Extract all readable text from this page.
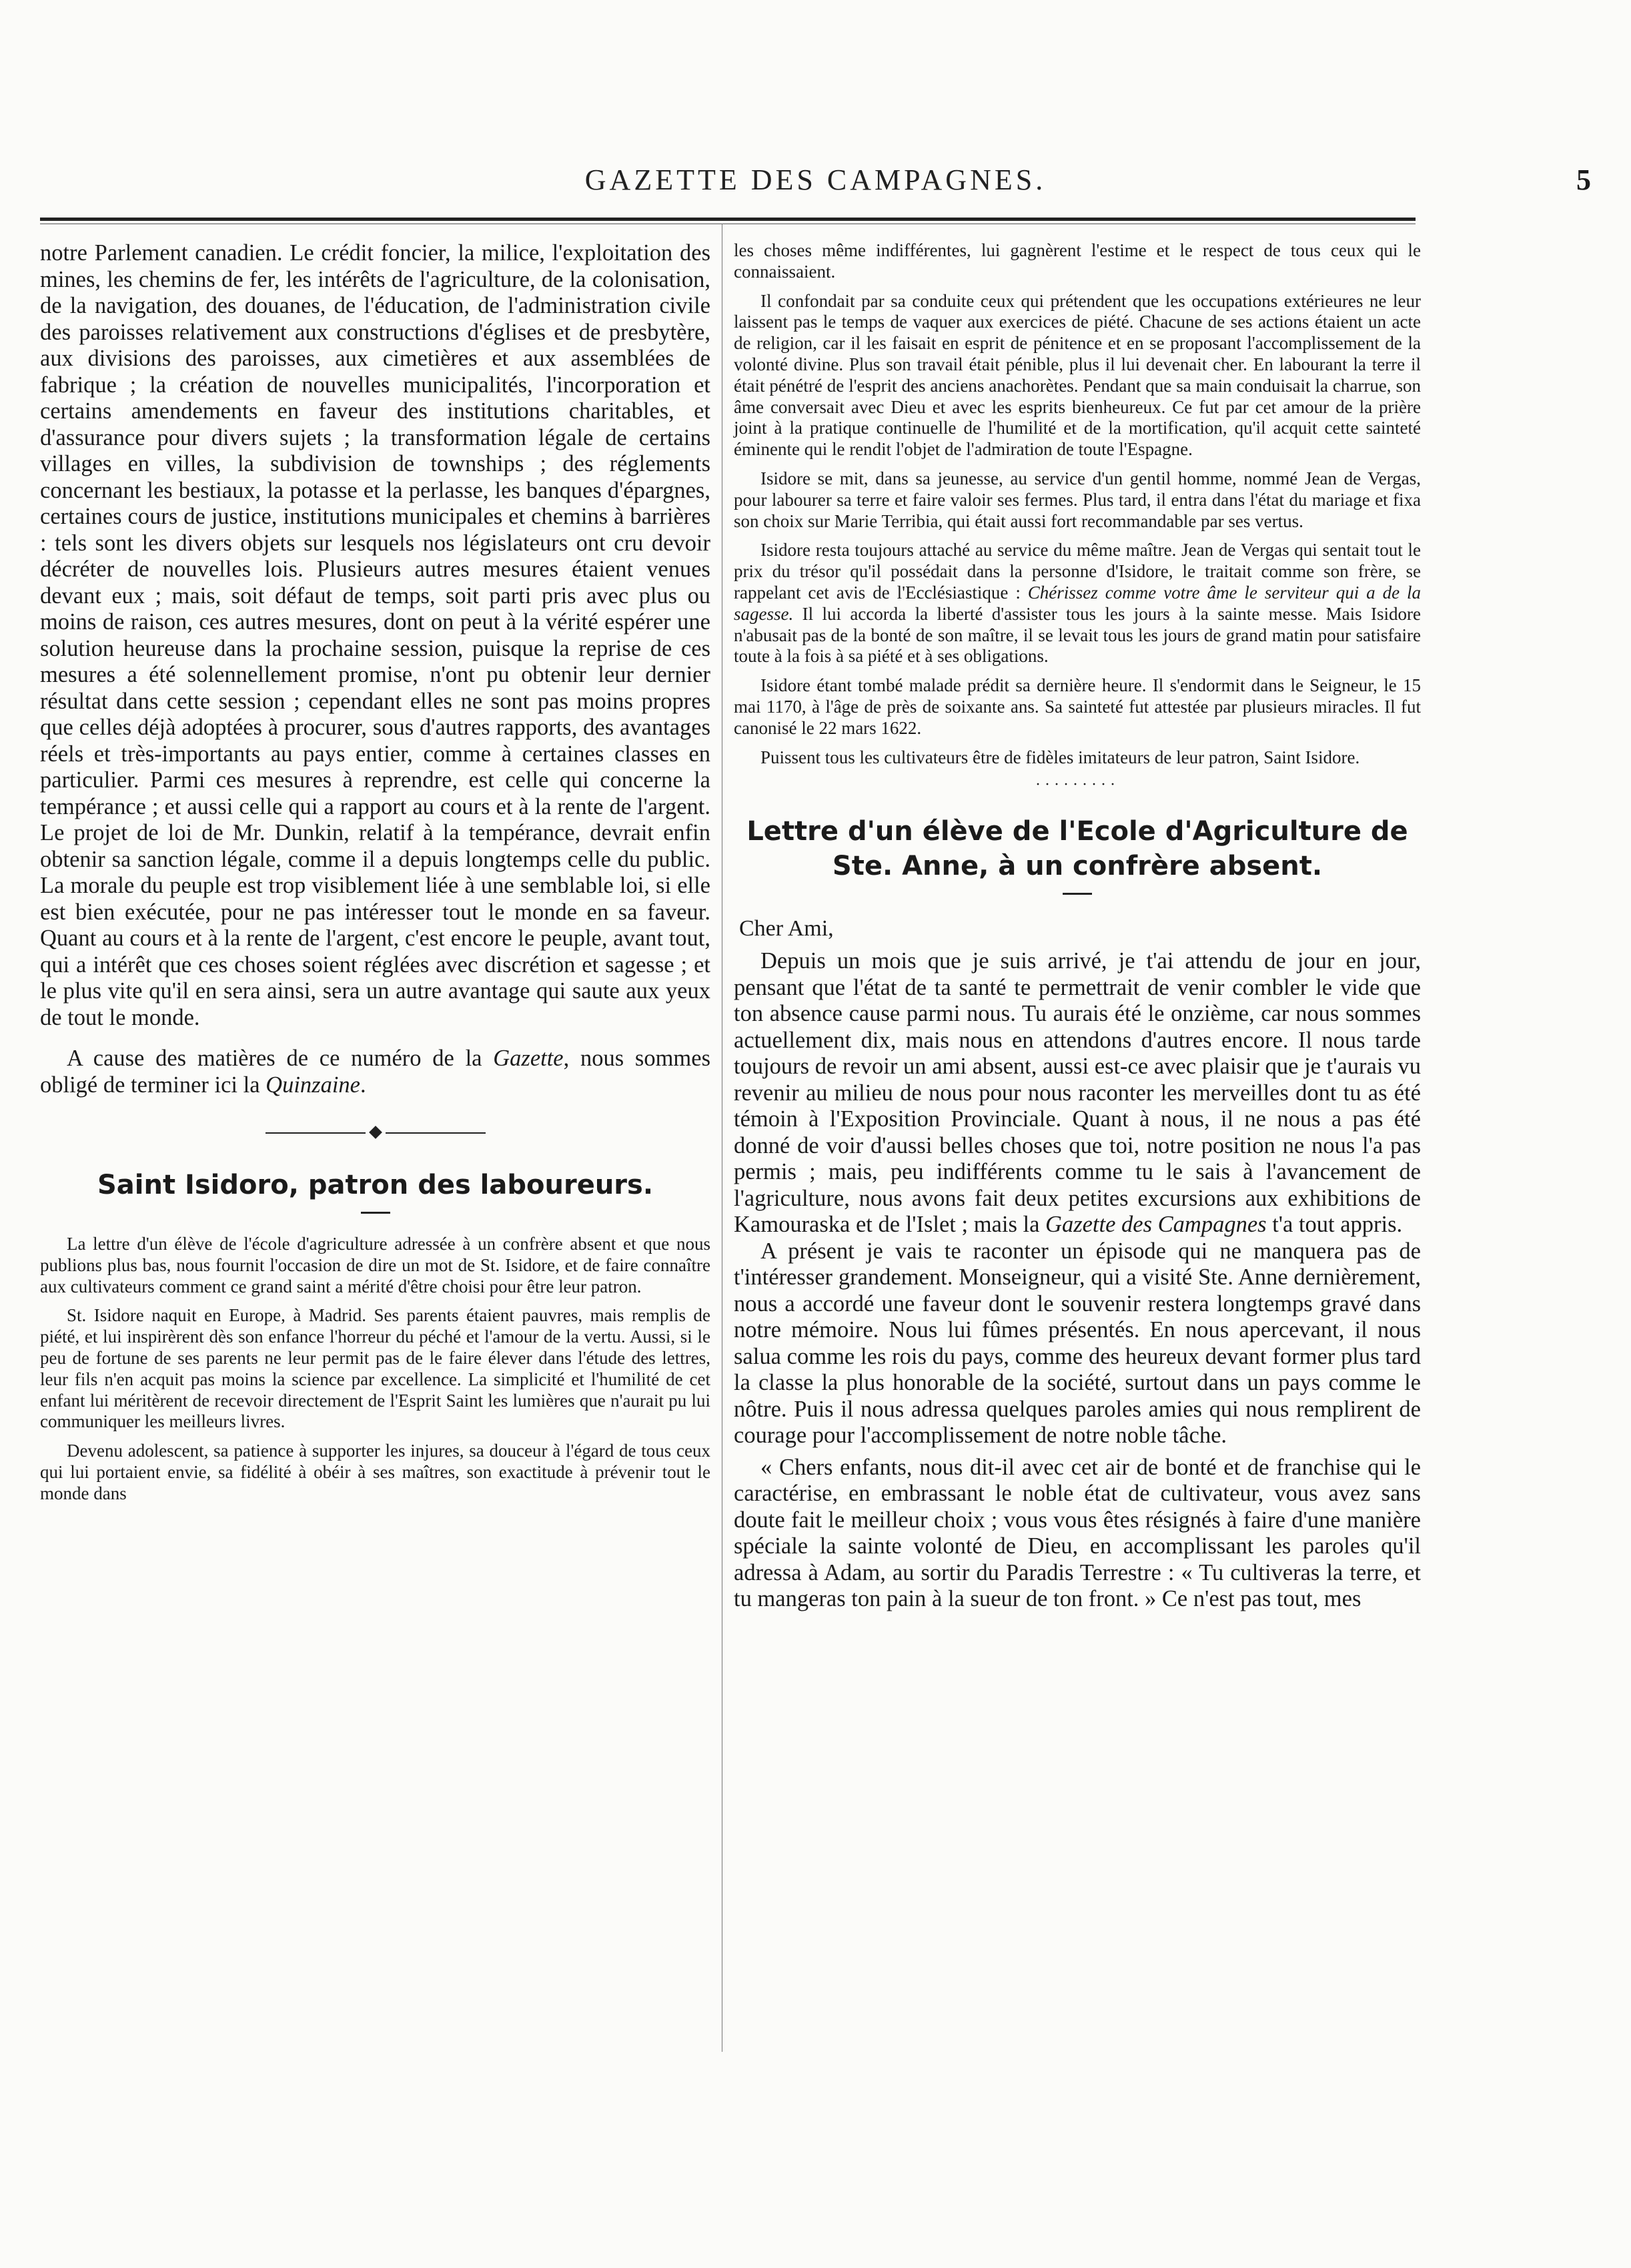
GAZETTE DES CAMPAGNES.	5

notre Parlement canadien. Le crédit foncier, la milice, l'exploitation des mines, les chemins de fer, les intérêts de l'agriculture, de la colonisation, de la navigation, des douanes, de l'éducation, de l'administration civile des paroisses relativement aux constructions d'églises et de presbytère, aux divisions des paroisses, aux cimetières et aux assemblées de fabrique ; la création de nouvelles municipalités, l'incorporation et certains amendements en faveur des institutions charitables, et d'assurance pour divers sujets ; la transformation légale de certains villages en villes, la subdivision de townships ; des réglements concernant les bestiaux, la potasse et la perlasse, les banques d'épargnes, certaines cours de justice, institutions municipales et chemins à barrières : tels sont les divers objets sur lesquels nos législateurs ont cru devoir décréter de nouvelles lois. Plusieurs autres mesures étaient venues devant eux ; mais, soit défaut de temps, soit parti pris avec plus ou moins de raison, ces autres mesures, dont on peut à la vérité espérer une solution heureuse dans la prochaine session, puisque la reprise de ces mesures a été solennellement promise, n'ont pu obtenir leur dernier résultat dans cette session ; cependant elles ne sont pas moins propres que celles déjà adoptées à procurer, sous d'autres rapports, des avantages réels et très-importants au pays entier, comme à certaines classes en particulier. Parmi ces mesures à reprendre, est celle qui concerne la tempérance ; et aussi celle qui a rapport au cours et à la rente de l'argent. Le projet de loi de Mr. Dunkin, relatif à la tempérance, devrait enfin obtenir sa sanction légale, comme il a depuis longtemps celle du public. La morale du peuple est trop visiblement liée à une semblable loi, si elle est bien exécutée, pour ne pas intéresser tout le monde en sa faveur. Quant au cours et à la rente de l'argent, c'est encore le peuple, avant tout, qui a intérêt que ces choses soient réglées avec discrétion et sagesse ; et le plus vite qu'il en sera ainsi, sera un autre avantage qui saute aux yeux de tout le monde.

A cause des matières de ce numéro de la Gazette, nous sommes obligé de terminer ici la Quinzaine.

Saint Isidoro, patron des laboureurs.

La lettre d'un élève de l'école d'agriculture adressée à un confrère absent et que nous publions plus bas, nous fournit l'occasion de dire un mot de St. Isidore, et de faire connaître aux cultivateurs comment ce grand saint a mérité d'être choisi pour être leur patron.

St. Isidore naquit en Europe, à Madrid. Ses parents étaient pauvres, mais remplis de piété, et lui inspirèrent dès son enfance l'horreur du péché et l'amour de la vertu. Aussi, si le peu de fortune de ses parents ne leur permit pas de le faire élever dans l'étude des lettres, leur fils n'en acquit pas moins la science par excellence. La simplicité et l'humilité de cet enfant lui méritèrent de recevoir directement de l'Esprit Saint les lumières que n'aurait pu lui communiquer les meilleurs livres.

Devenu adolescent, sa patience à supporter les injures, sa douceur à l'égard de tous ceux qui lui portaient envie, sa fidélité à obéir à ses maîtres, son exactitude à prévenir tout le monde dans

les choses même indifférentes, lui gagnèrent l'estime et le respect de tous ceux qui le connaissaient.

Il confondait par sa conduite ceux qui prétendent que les occupations extérieures ne leur laissent pas le temps de vaquer aux exercices de piété. Chacune de ses actions étaient un acte de religion, car il les faisait en esprit de pénitence et en se proposant l'accomplissement de la volonté divine. Plus son travail était pénible, plus il lui devenait cher. En labourant la terre il était pénétré de l'esprit des anciens anachorètes. Pendant que sa main conduisait la charrue, son âme conversait avec Dieu et avec les esprits bienheureux. Ce fut par cet amour de la prière joint à la pratique continuelle de l'humilité et de la mortification, qu'il acquit cette sainteté éminente qui le rendit l'objet de l'admiration de toute l'Espagne.

Isidore se mit, dans sa jeunesse, au service d'un gentil homme, nommé Jean de Vergas, pour labourer sa terre et faire valoir ses fermes. Plus tard, il entra dans l'état du mariage et fixa son choix sur Marie Terribia, qui était aussi fort recommandable par ses vertus.

Isidore resta toujours attaché au service du même maître. Jean de Vergas qui sentait tout le prix du trésor qu'il possédait dans la personne d'Isidore, le traitait comme son frère, se rappelant cet avis de l'Ecclésiastique : Chérissez comme votre âme le serviteur qui a de la sagesse. Il lui accorda la liberté d'assister tous les jours à la sainte messe. Mais Isidore n'abusait pas de la bonté de son maître, il se levait tous les jours de grand matin pour satisfaire toute à la fois à sa piété et à ses obligations.

Isidore étant tombé malade prédit sa dernière heure. Il s'endormit dans le Seigneur, le 15 mai 1170, à l'âge de près de soixante ans. Sa sainteté fut attestée par plusieurs miracles. Il fut canonisé le 22 mars 1622.

Puissent tous les cultivateurs être de fidèles imitateurs de leur patron, Saint Isidore.

·········
Lettre d'un élève de l'Ecole d'Agriculture de
Ste. Anne, à un confrère absent.
Cher Ami,

Depuis un mois que je suis arrivé, je t'ai attendu de jour en jour, pensant que l'état de ta santé te permettrait de venir combler le vide que ton absence cause parmi nous. Tu aurais été le onzième, car nous sommes actuellement dix, mais nous en attendons d'autres encore. Il nous tarde toujours de revoir un ami absent, aussi est-ce avec plaisir que je t'aurais vu revenir au milieu de nous pour nous raconter les merveilles dont tu as été témoin à l'Exposition Provinciale. Quant à nous, il ne nous a pas été donné de voir d'aussi belles choses que toi, notre position ne nous l'a pas permis ; mais, peu indifférents comme tu le sais à l'avancement de l'agriculture, nous avons fait deux petites excursions aux exhibitions de Kamouraska et de l'Islet ; mais la Gazette des Campagnes t'a tout appris.

A présent je vais te raconter un épisode qui ne manquera pas de t'intéresser grandement. Monseigneur, qui a visité Ste. Anne dernièrement, nous a accordé une faveur dont le souvenir restera longtemps gravé dans notre mémoire. Nous lui fûmes présentés. En nous apercevant, il nous salua comme les rois du pays, comme des heureux devant former plus tard la classe la plus honorable de la société, surtout dans un pays comme le nôtre. Puis il nous adressa quelques paroles amies qui nous remplirent de courage pour l'accomplissement de notre noble tâche.

« Chers enfants, nous dit-il avec cet air de bonté et de franchise qui le caractérise, en embrassant le noble état de cultivateur, vous avez sans doute fait le meilleur choix ; vous vous êtes résignés à faire d'une manière spéciale la sainte volonté de Dieu, en accomplissant les paroles qu'il adressa à Adam, au sortir du Paradis Terrestre : « Tu cultiveras la terre, et tu mangeras ton pain à la sueur de ton front. » Ce n'est pas tout, mes
